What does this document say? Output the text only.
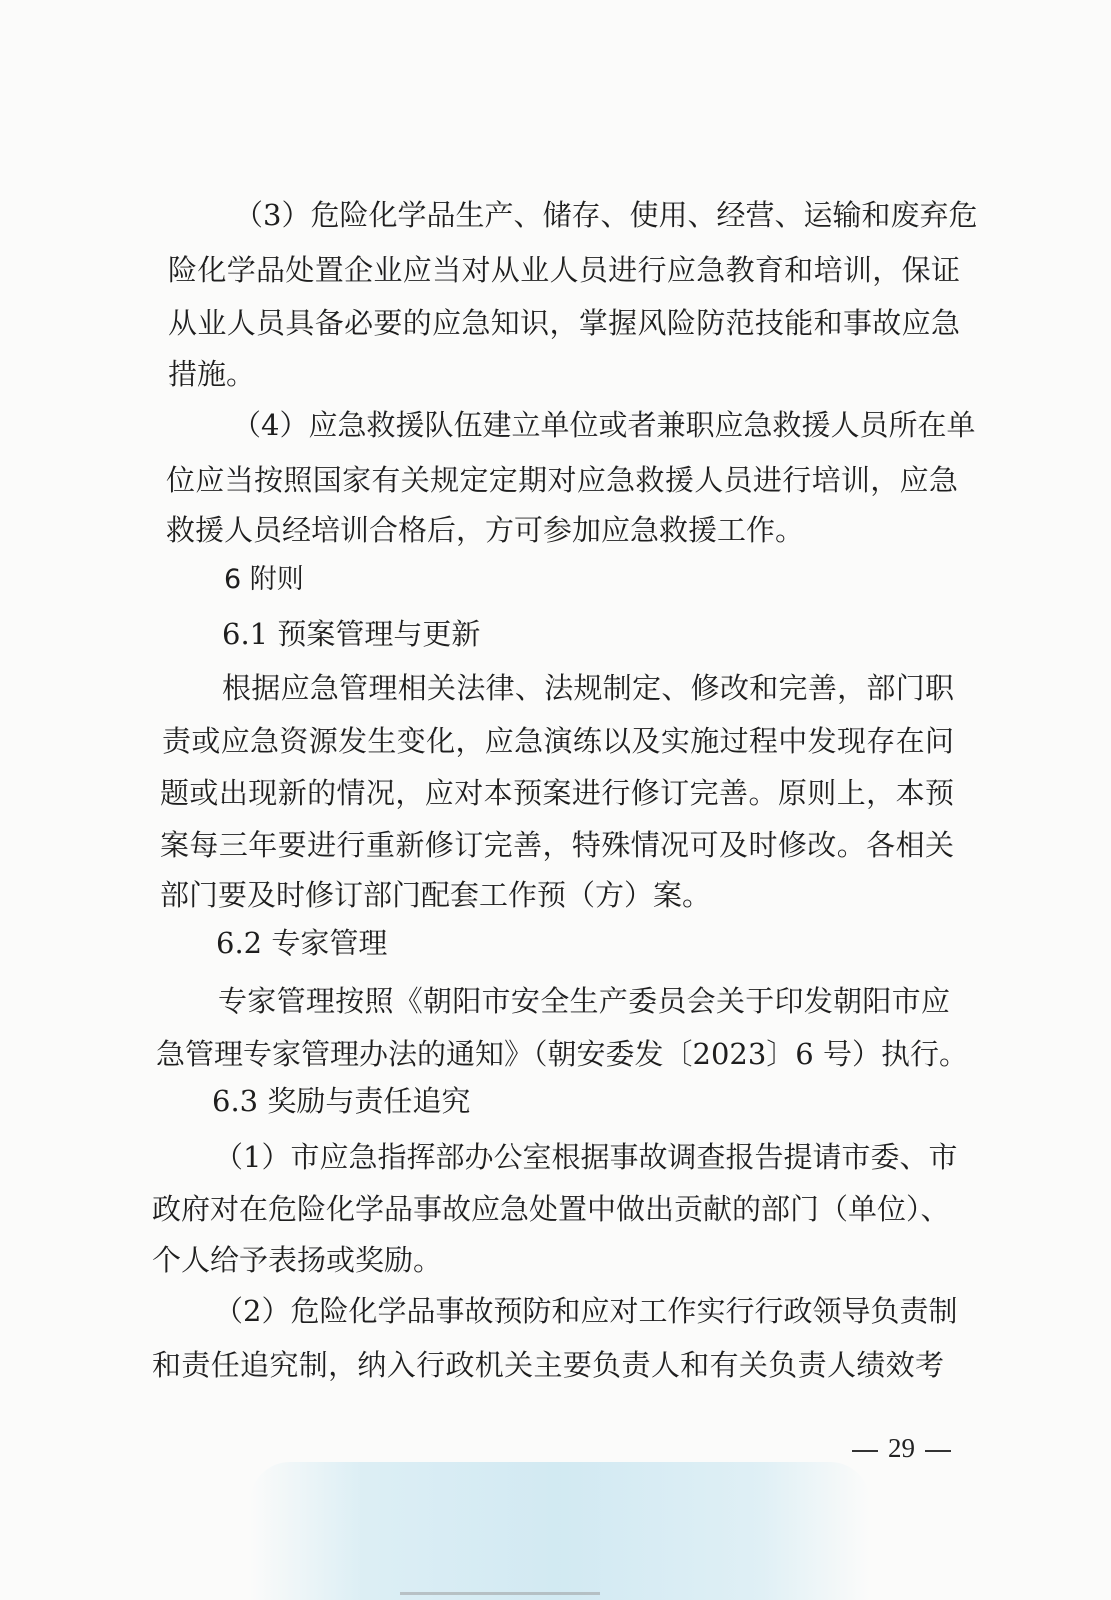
（3）危险化学品生产、储存、使用、经营、运输和废弃危
险化学品处置企业应当对从业人员进行应急教育和培训，保证
从业人员具备必要的应急知识，掌握风险防范技能和事故应急
措施。
（4）应急救援队伍建立单位或者兼职应急救援人员所在单
位应当按照国家有关规定定期对应急救援人员进行培训，应急
救援人员经培训合格后，方可参加应急救援工作。
6 附则
6.1 预案管理与更新
根据应急管理相关法律、法规制定、修改和完善，部门职
责或应急资源发生变化，应急演练以及实施过程中发现存在问
题或出现新的情况，应对本预案进行修订完善。原则上，本预
案每三年要进行重新修订完善，特殊情况可及时修改。各相关
部门要及时修订部门配套工作预（方）案。
6.2 专家管理
专家管理按照《朝阳市安全生产委员会关于印发朝阳市应
急管理专家管理办法的通知》（朝安委发〔2023〕6 号）执行。
6.3 奖励与责任追究
（1）市应急指挥部办公室根据事故调查报告提请市委、市
政府对在危险化学品事故应急处置中做出贡献的部门（单位）、
个人给予表扬或奖励。
（2）危险化学品事故预防和应对工作实行行政领导负责制
和责任追究制，纳入行政机关主要负责人和有关负责人绩效考
29
